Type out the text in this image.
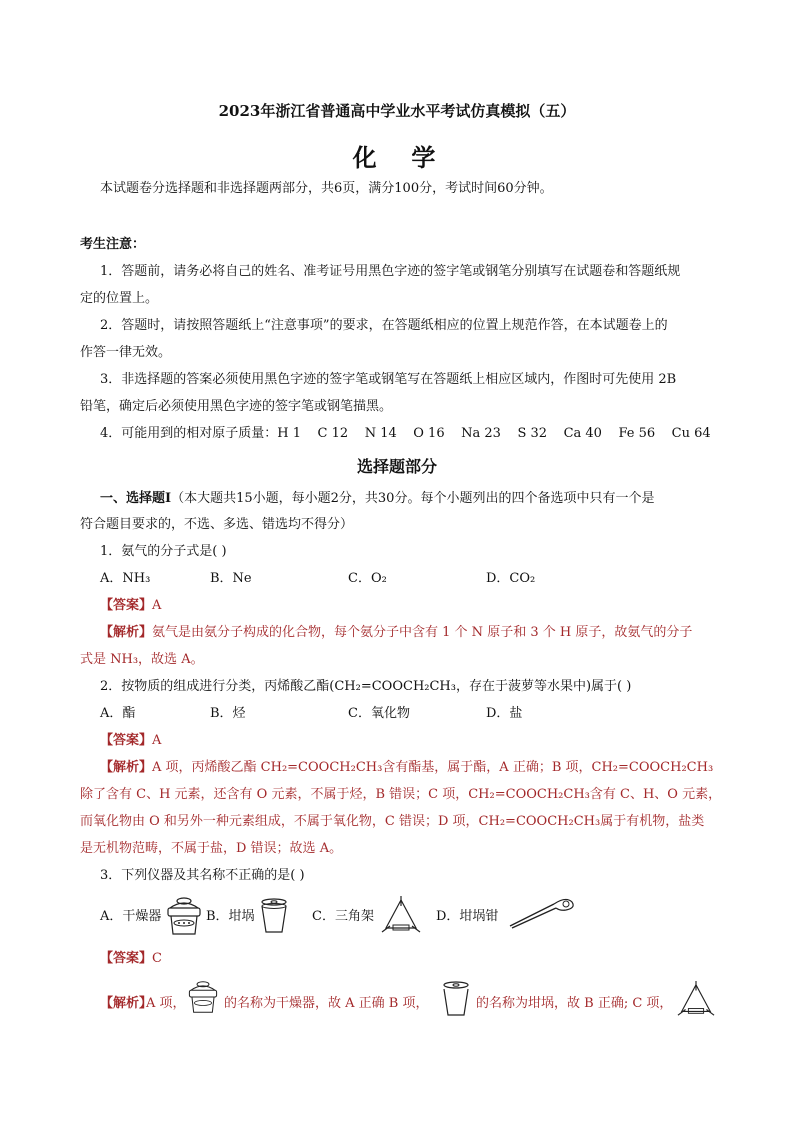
2023年浙江省普通高中学业水平考试仿真模拟（五）
化  学
本试题卷分选择题和非选择题两部分，共6页，满分100分，考试时间60分钟。
考生注意：
1．答题前，请务必将自己的姓名、准考证号用黑色字迹的签字笔或钢笔分别填写在试题卷和答题纸规
定的位置上。
2．答题时，请按照答题纸上“注意事项”的要求，在答题纸相应的位置上规范作答，在本试题卷上的
作答一律无效。
3．非选择题的答案必须使用黑色字迹的签字笔或钢笔写在答题纸上相应区域内，作图时可先使用 2B
铅笔，确定后必须使用黑色字迹的签字笔或钢笔描黑。
4．可能用到的相对原子质量：H 1    C 12    N 14    O 16    Na 23    S 32    Ca 40    Fe 56    Cu 64
选择题部分
一、选择题Ⅰ（本大题共15小题，每小题2分，共30分。每个小题列出的四个备选项中只有一个是
符合题目要求的，不选、多选、错选均不得分）
1．氨气的分子式是( )
A．NH₃	B．Ne	C．O₂	D．CO₂
【答案】A
【解析】氨气是由氨分子构成的化合物，每个氨分子中含有 1 个 N 原子和 3 个 H 原子，故氨气的分子
式是 NH₃，故选 A。
2．按物质的组成进行分类，丙烯酸乙酯(CH₂=COOCH₂CH₃，存在于菠萝等水果中)属于( )
A．酯	B．烃	C．氧化物	D．盐
【答案】A
【解析】A 项，丙烯酸乙酯 CH₂=COOCH₂CH₃含有酯基，属于酯，A 正确；B 项，CH₂=COOCH₂CH₃
除了含有 C、H 元素，还含有 O 元素，不属于烃，B 错误；C 项，CH₂=COOCH₂CH₃含有 C、H、O 元素，
而氧化物由 O 和另外一种元素组成，不属于氧化物，C 错误；D 项，CH₂=COOCH₂CH₃属于有机物，盐类
是无机物范畴，不属于盐，D 错误；故选 A。
3．下列仪器及其名称不正确的是( )
A．干燥器	B．坩埚	C．三角架	D．坩埚钳
【答案】C
【解析】
A 项，	的名称为干燥器，故 A 正确 B 项，	的名称为坩埚，故 B 正确; C 项，
